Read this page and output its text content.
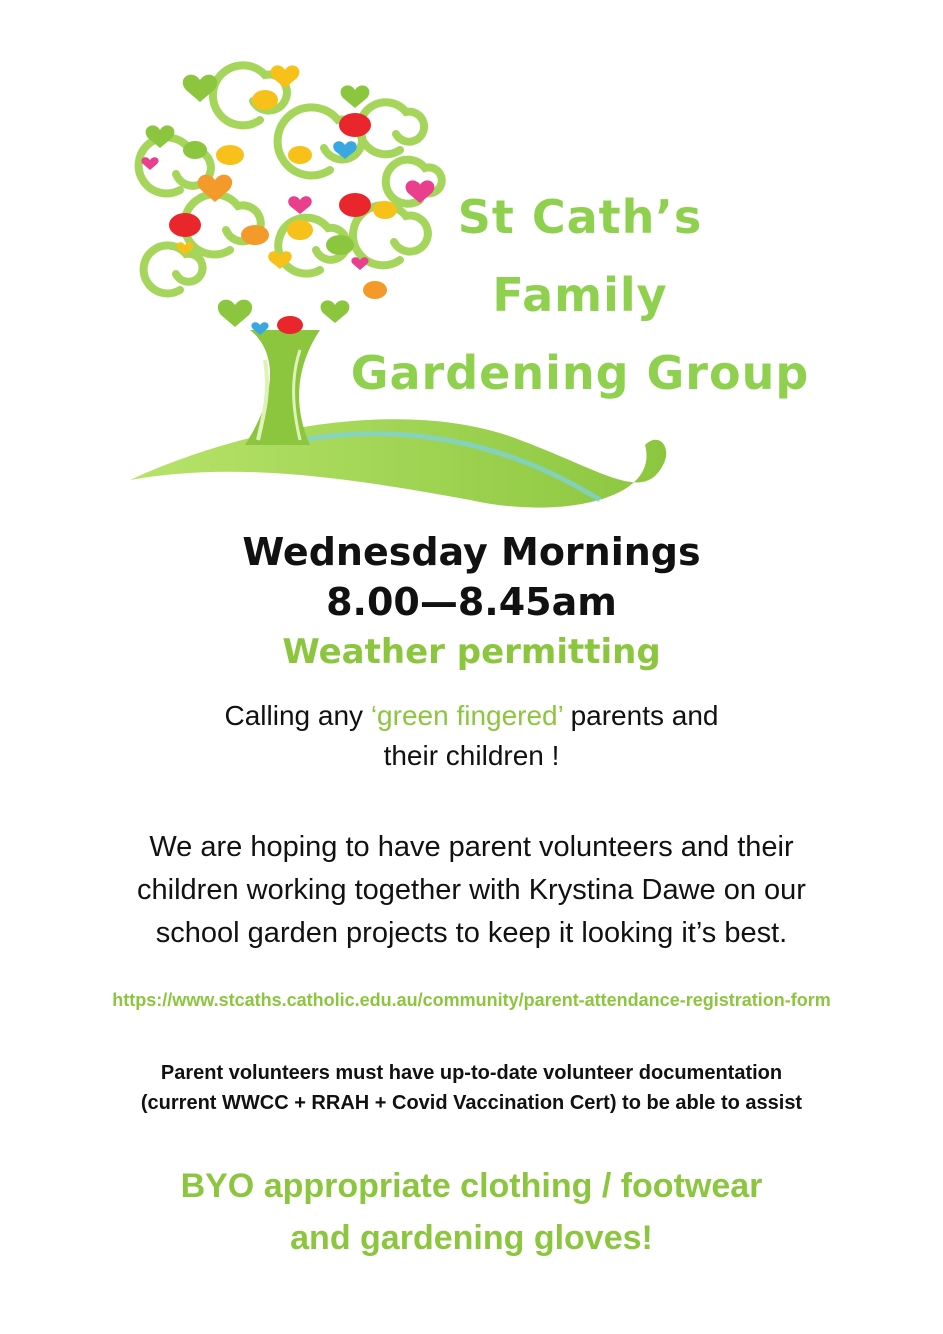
St Cath’s
Family
Gardening Group
Wednesday Mornings
8.00—8.45am
Weather permitting
Calling any ‘green fingered’ parents and
their children !
We are hoping to have parent volunteers and their
children working together with Krystina Dawe on our
school garden projects to keep it looking it’s best.
https://www.stcaths.catholic.edu.au/community/parent-attendance-registration-form
Parent volunteers must have up-to-date volunteer documentation
(current WWCC + RRAH + Covid Vaccination Cert) to be able to assist
BYO appropriate clothing / footwear
and gardening gloves!
